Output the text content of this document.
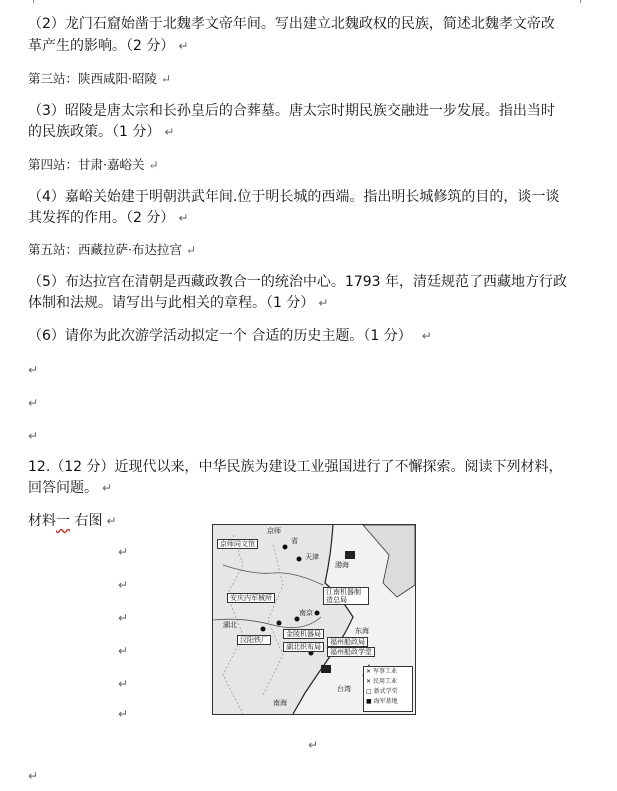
（2）龙门石窟始凿于北魏孝文帝年间。写出建立北魏政权的民族，简述北魏孝文帝改
革产生的影响。（2 分） ↵
第三站：陕西咸阳·昭陵 ↵
（3）昭陵是唐太宗和长孙皇后的合葬墓。唐太宗时期民族交融进一步发展。指出当时
的民族政策。（1 分） ↵
第四站：甘肃·嘉峪关 ↵
（4）嘉峪关始建于明朝洪武年间.位于明长城的西端。指出明长城修筑的目的，谈一谈
其发挥的作用。（2 分） ↵
第五站：西藏拉萨·布达拉宫 ↵
（5）布达拉宫在清朝是西藏政教合一的统治中心。1793 年，清廷规范了西藏地方行政
体制和法规。请写出与此相关的章程。（1 分） ↵
（6）请你为此次游学活动拟定一个 合适的历史主题。（1 分） ↵
↵
↵
↵
12.（12 分）近现代以来，中华民族为建设工业强国进行了不懈探索。阅读下列材料，
回答问题。 ↵
材料一 右图 ↵
↵
↵
↵
↵
↵
↵
↵
↵
京师
京师同文馆	省
渤海
天津
江南机器制造总局
安庆内军械所
南京
金陵机器局
湖北
汉阳铁厂
湖北织布局
东海
福州船政局
福州船政学堂
台湾
南海
✕ 军事工业
✕ 民用工业
□ 新式学堂
■ 海军基地
